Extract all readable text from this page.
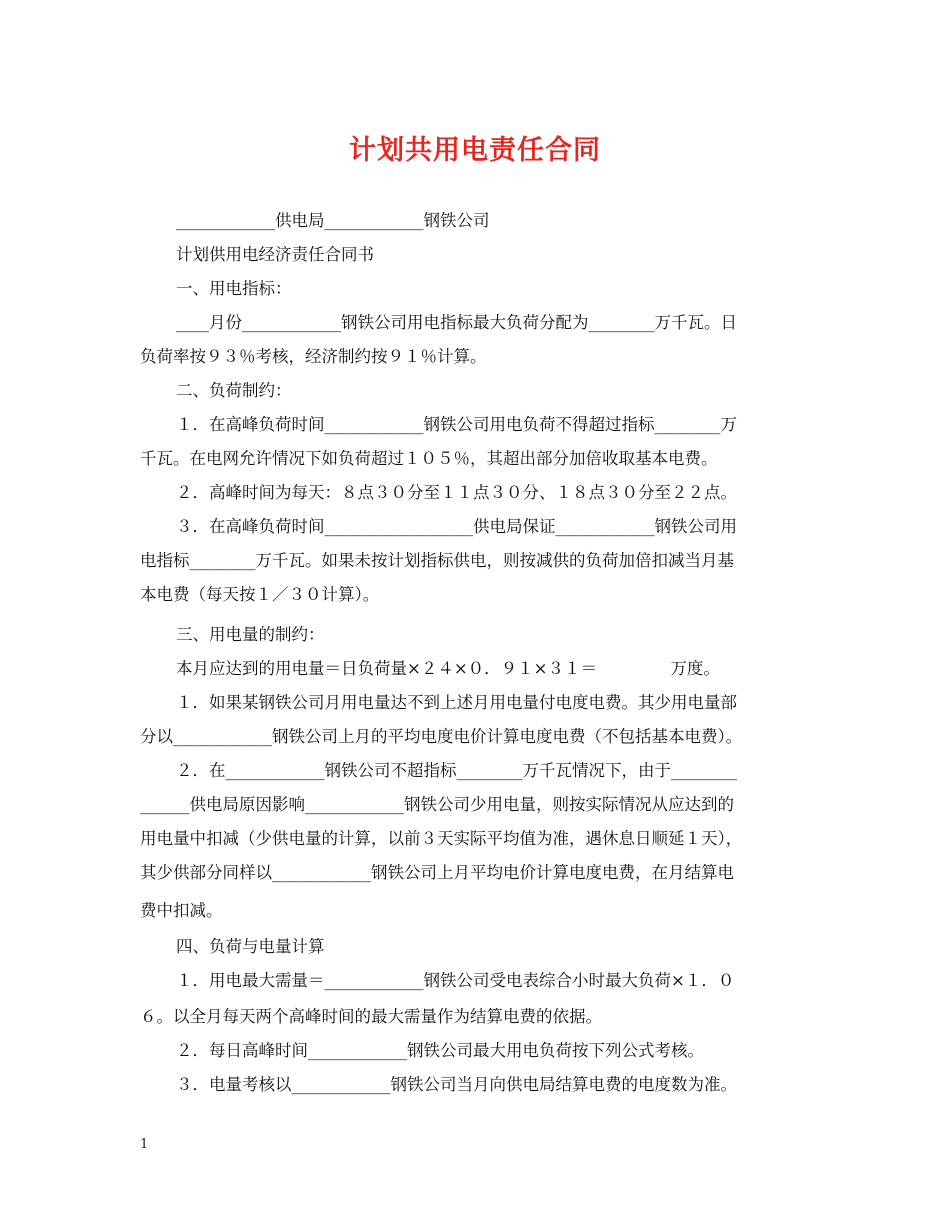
计划共用电责任合同
____________供电局____________钢铁公司
计划供用电经济责任合同书
一、用电指标：
____月份____________钢铁公司用电指标最大负荷分配为________万千瓦。日
负荷率按９３％考核，经济制约按９１％计算。
二、负荷制约：
１．在高峰负荷时间____________钢铁公司用电负荷不得超过指标________万
千瓦。在电网允许情况下如负荷超过１０５％，其超出部分加倍收取基本电费。
２．高峰时间为每天：８点３０分至１１点３０分、１８点３０分至２２点。
３．在高峰负荷时间__________________供电局保证____________钢铁公司用
电指标________万千瓦。如果未按计划指标供电，则按减供的负荷加倍扣减当月基
本电费（每天按１／３０计算）。
三、用电量的制约：
本月应达到的用电量＝日负荷量×２４×０．９１×３１＝              万度。
１．如果某钢铁公司月用电量达不到上述月用电量付电度电费。其少用电量部
分以____________钢铁公司上月的平均电度电价计算电度电费（不包括基本电费）。
２．在____________钢铁公司不超指标________万千瓦情况下，由于________
______供电局原因影响____________钢铁公司少用电量，则按实际情况从应达到的
用电量中扣减（少供电量的计算，以前３天实际平均值为准，遇休息日顺延１天），
其少供部分同样以____________钢铁公司上月平均电价计算电度电费，在月结算电
费中扣减。
四、负荷与电量计算
１．用电最大需量＝____________钢铁公司受电表综合小时最大负荷×１．０
６。以全月每天两个高峰时间的最大需量作为结算电费的依据。
２．每日高峰时间____________钢铁公司最大用电负荷按下列公式考核。
３．电量考核以____________钢铁公司当月向供电局结算电费的电度数为准。
1
